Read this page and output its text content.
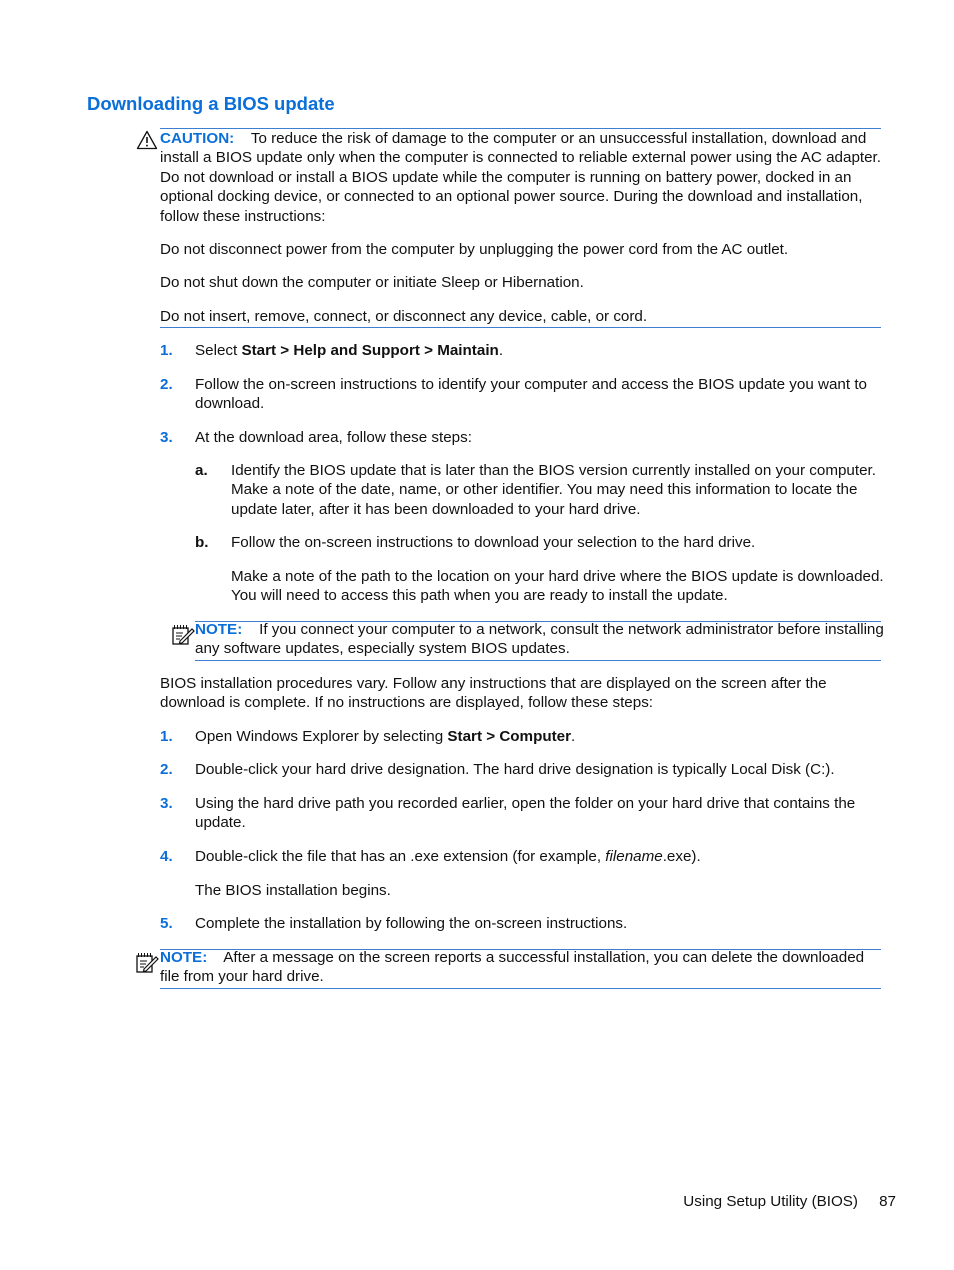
Downloading a BIOS update

CAUTION: To reduce the risk of damage to the computer or an unsuccessful installation, download and install a BIOS update only when the computer is connected to reliable external power using the AC adapter. Do not download or install a BIOS update while the computer is running on battery power, docked in an optional docking device, or connected to an optional power source. During the download and installation, follow these instructions:

Do not disconnect power from the computer by unplugging the power cord from the AC outlet.

Do not shut down the computer or initiate Sleep or Hibernation.

Do not insert, remove, connect, or disconnect any device, cable, or cord.

1. Select Start > Help and Support > Maintain.

2. Follow the on-screen instructions to identify your computer and access the BIOS update you want to download.

3. At the download area, follow these steps:

a. Identify the BIOS update that is later than the BIOS version currently installed on your computer. Make a note of the date, name, or other identifier. You may need this information to locate the update later, after it has been downloaded to your hard drive.

b. Follow the on-screen instructions to download your selection to the hard drive.

Make a note of the path to the location on your hard drive where the BIOS update is downloaded. You will need to access this path when you are ready to install the update.

NOTE: If you connect your computer to a network, consult the network administrator before installing any software updates, especially system BIOS updates.

BIOS installation procedures vary. Follow any instructions that are displayed on the screen after the download is complete. If no instructions are displayed, follow these steps:

1. Open Windows Explorer by selecting Start > Computer.

2. Double-click your hard drive designation. The hard drive designation is typically Local Disk (C:).

3. Using the hard drive path you recorded earlier, open the folder on your hard drive that contains the update.

4. Double-click the file that has an .exe extension (for example, filename.exe).

The BIOS installation begins.

5. Complete the installation by following the on-screen instructions.

NOTE: After a message on the screen reports a successful installation, you can delete the downloaded file from your hard drive.

Using Setup Utility (BIOS) 87
